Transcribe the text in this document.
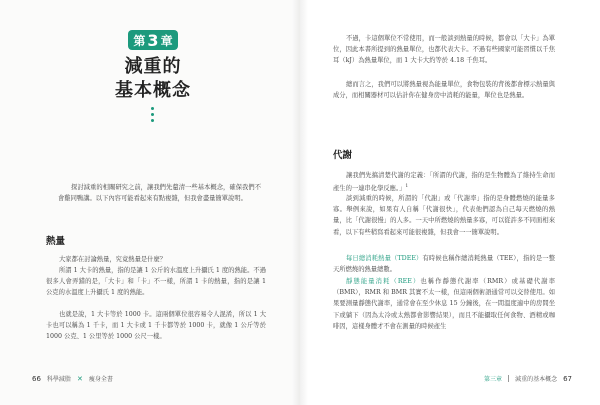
第 3 章
減重的
基本概念

探討減重的相關研究之前，讓我們先釐清一些基本概念，確保我們不會雞同鴨講。以下內容可能看起來有點複雜，但我會盡量簡單說明。

熱量

大家都在討論熱量，究竟熱量是什麼？

所謂 1 大卡的熱量，指的是讓 1 公斤的水溫度上升攝氏 1 度的熱能。不過很多人會弄錯的是，「大卡」和「卡」不一樣，所謂 1 卡的熱量，指的是讓 1 公克的水溫度上升攝氏 1 度的熱能。

也就是說，1 大卡等於 1000 卡。這兩個單位很容易令人混淆，所以 1 大卡也可以稱為 1 千卡，而 1 大卡或 1 千卡都等於 1000 卡，就像 1 公斤等於 1000 公克、1 公里等於 1000 公尺一樣。

66 科學減脂 ✕ 瘦身全書

不過，卡這個單位不常使用，而一般談到熱量的時候，都會以「大卡」為單位，因此本書所提到的熱量單位，也都代表大卡。不過有些國家可能習慣以千焦耳（kJ）為熱量單位，而 1 大卡大約等於 4.18 千焦耳。

總而言之，我們可以將熱量視為能量單位，食物包裝的背後都會標示熱量與成分，而相關器材可以估計你在健身房中消耗的能量，單位也是熱量。

代謝

讓我們先搞清楚代謝的定義：「所謂的代謝，指的是生物體為了維持生命而產生的一連串化學反應。」$^1$

談到減重的時候，所謂的「代謝」或「代謝率」指的是身體燃燒的能量多寡。舉例來說，如果有人自稱「代謝很快」，代表他們認為自己每天燃燒的熱量，比「代謝很慢」的人多。一天中所燃燒的熱量多寡，可以從許多不同面相來看，以下有些稍寫看起來可能很複雜，但我會一一簡單說明。

每日總消耗熱量（TDEE）有時候也稱作總消耗熱量（TEE），指的是一整天所燃燒的熱量總數。

靜態能量消耗（REE）也稱作靜態代謝率（RMR）或基礎代謝率（BMR），RMR 和 BMR 其實不太一樣，但這兩個術語通常可以交替使用。如果要測量靜態代謝率，通常會在至少休息 15 分鐘後，在一間溫度適中的房間坐下或躺下（因為太冷或太熱都會影響結果），而且不能攝取任何食物、酒精或咖啡因，這樣身體才不會在測量的時候產生

第三章 減重的基本概念 67
